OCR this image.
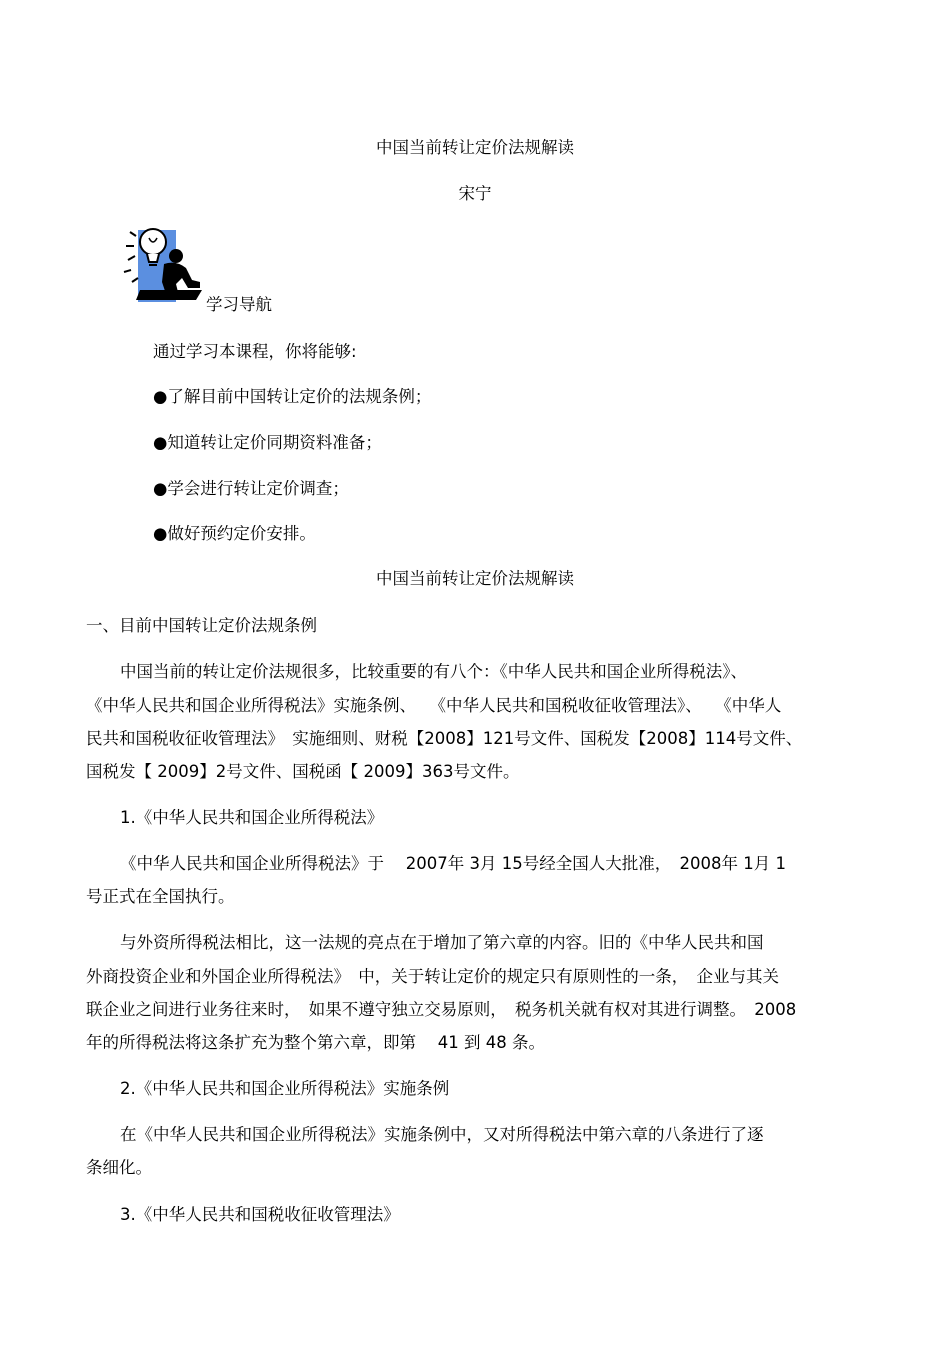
中国当前转让定价法规解读
宋宁
学习导航
通过学习本课程，你将能够:
●了解目前中国转让定价的法规条例；
●知道转让定价同期资料准备；
●学会进行转让定价调查；
●做好预约定价安排。
中国当前转让定价法规解读
一、目前中国转让定价法规条例
中国当前的转让定价法规很多，比较重要的有八个：《中华人民共和国企业所得税法》、
《中华人民共和国企业所得税法》实施条例、　 《中华人民共和国税收征收管理法》、　 《中华人
民共和国税收征收管理法》　实施细则、财税【2008】121号文件、国税发【2008】114号文件、
国税发【 2009】2号文件、国税函【 2009】363号文件。
1.《中华人民共和国企业所得税法》
《中华人民共和国企业所得税法》于　 2007年 3月 15号经全国人大批准，　2008年 1月 1
号正式在全国执行。
与外资所得税法相比，这一法规的亮点在于增加了第六章的内容。旧的《中华人民共和国
外商投资企业和外国企业所得税法》　中，关于转让定价的规定只有原则性的一条，　企业与其关
联企业之间进行业务往来时，　如果不遵守独立交易原则，　税务机关就有权对其进行调整。　2008
年的所得税法将这条扩充为整个第六章，即第　 41 到 48 条。
2.《中华人民共和国企业所得税法》实施条例
在《中华人民共和国企业所得税法》实施条例中，又对所得税法中第六章的八条进行了逐
条细化。
3.《中华人民共和国税收征收管理法》
